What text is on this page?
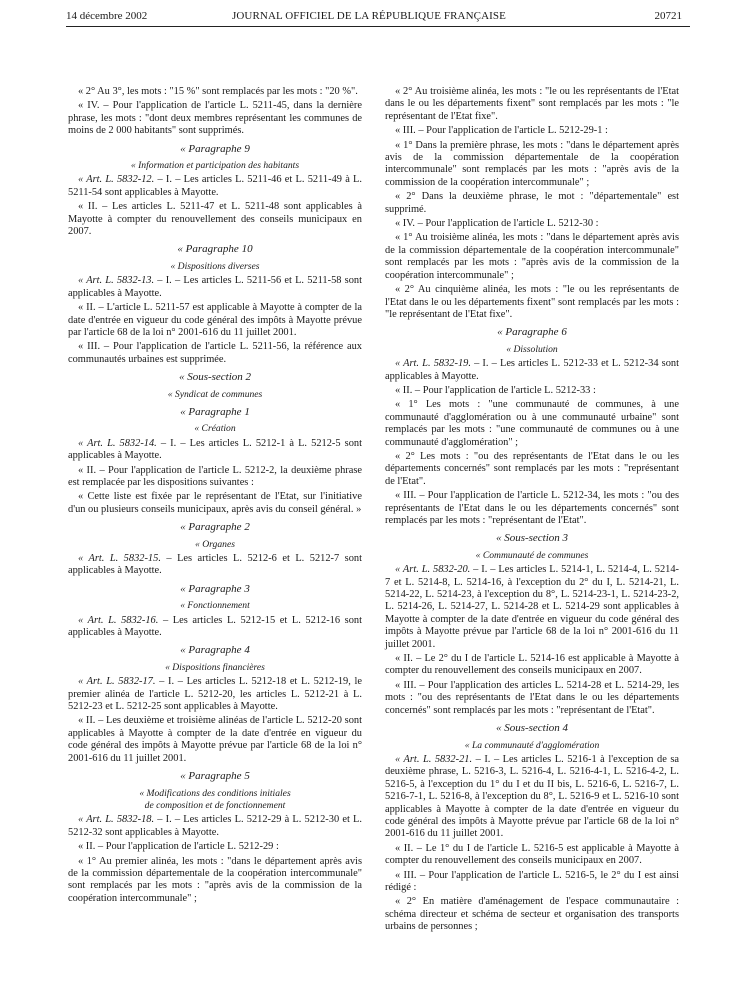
14 décembre 2002	JOURNAL OFFICIEL DE LA RÉPUBLIQUE FRANÇAISE	20721

« 2° Au 3°, les mots : "15 %" sont remplacés par les mots : "20 %".

« IV. – Pour l'application de l'article L. 5211-45, dans la dernière phrase, les mots : "dont deux membres représentant les communes de moins de 2 000 habitants" sont supprimés.

« Paragraphe 9

« Information et participation des habitants

« Art. L. 5832-12. – I. – Les articles L. 5211-46 et L. 5211-49 à L. 5211-54 sont applicables à Mayotte.

« II. – Les articles L. 5211-47 et L. 5211-48 sont applicables à Mayotte à compter du renouvellement des conseils municipaux en 2007.

« Paragraphe 10

« Dispositions diverses

« Art. L. 5832-13. – I. – Les articles L. 5211-56 et L. 5211-58 sont applicables à Mayotte.

« II. – L'article L. 5211-57 est applicable à Mayotte à compter de la date d'entrée en vigueur du code général des impôts à Mayotte prévue par l'article 68 de la loi n° 2001-616 du 11 juillet 2001.

« III. – Pour l'application de l'article L. 5211-56, la référence aux communautés urbaines est supprimée.

« Sous-section 2

« Syndicat de communes

« Paragraphe 1

« Création

« Art. L. 5832-14. – I. – Les articles L. 5212-1 à L. 5212-5 sont applicables à Mayotte.

« II. – Pour l'application de l'article L. 5212-2, la deuxième phrase est remplacée par les dispositions suivantes :

« Cette liste est fixée par le représentant de l'Etat, sur l'initiative d'un ou plusieurs conseils municipaux, après avis du conseil général. »

« Paragraphe 2

« Organes

« Art. L. 5832-15. – Les articles L. 5212-6 et L. 5212-7 sont applicables à Mayotte.

« Paragraphe 3

« Fonctionnement

« Art. L. 5832-16. – Les articles L. 5212-15 et L. 5212-16 sont applicables à Mayotte.

« Paragraphe 4

« Dispositions financières

« Art. L. 5832-17. – I. – Les articles L. 5212-18 et L. 5212-19, le premier alinéa de l'article L. 5212-20, les articles L. 5212-21 à L. 5212-23 et L. 5212-25 sont applicables à Mayotte.

« II. – Les deuxième et troisième alinéas de l'article L. 5212-20 sont applicables à Mayotte à compter de la date d'entrée en vigueur du code général des impôts à Mayotte prévue par l'article 68 de la loi n° 2001-616 du 11 juillet 2001.

« Paragraphe 5

« Modifications des conditions initiales

de composition et de fonctionnement

« Art. L. 5832-18. – I. – Les articles L. 5212-29 à L. 5212-30 et L. 5212-32 sont applicables à Mayotte.

« II. – Pour l'application de l'article L. 5212-29 :

« 1° Au premier alinéa, les mots : "dans le département après avis de la commission départementale de la coopération intercommunale" sont remplacés par les mots : "après avis de la commission de la coopération intercommunale" ;

« 2° Au troisième alinéa, les mots : "le ou les représentants de l'Etat dans le ou les départements fixent" sont remplacés par les mots : "le représentant de l'Etat fixe".

« III. – Pour l'application de l'article L. 5212-29-1 :

« 1° Dans la première phrase, les mots : "dans le département après avis de la commission départementale de la coopération intercommunale" sont remplacés par les mots : "après avis de la commission de la coopération intercommunale" ;

« 2° Dans la deuxième phrase, le mot : "départementale" est supprimé.

« IV. – Pour l'application de l'article L. 5212-30 :

« 1° Au troisième alinéa, les mots : "dans le département après avis de la commission départementale de la coopération intercommunale" sont remplacés par les mots : "après avis de la commission de la coopération intercommunale" ;

« 2° Au cinquième alinéa, les mots : "le ou les représentants de l'Etat dans le ou les départements fixent" sont remplacés par les mots : "le représentant de l'Etat fixe".

« Paragraphe 6

« Dissolution

« Art. L. 5832-19. – I. – Les articles L. 5212-33 et L. 5212-34 sont applicables à Mayotte.

« II. – Pour l'application de l'article L. 5212-33 :

« 1° Les mots : "une communauté de communes, à une communauté d'agglomération ou à une communauté urbaine" sont remplacés par les mots : "une communauté de communes ou à une communauté d'agglomération" ;

« 2° Les mots : "ou des représentants de l'Etat dans le ou les départements concernés" sont remplacés par les mots : "représentant de l'Etat".

« III. – Pour l'application de l'article L. 5212-34, les mots : "ou des représentants de l'Etat dans le ou les départements concernés" sont remplacés par les mots : "représentant de l'Etat".

« Sous-section 3

« Communauté de communes

« Art. L. 5832-20. – I. – Les articles L. 5214-1, L. 5214-4, L. 5214-7 et L. 5214-8, L. 5214-16, à l'exception du 2° du I, L. 5214-21, L. 5214-22, L. 5214-23, à l'exception du 8°, L. 5214-23-1, L. 5214-23-2, L. 5214-26, L. 5214-27, L. 5214-28 et L. 5214-29 sont applicables à Mayotte à compter de la date d'entrée en vigueur du code général des impôts à Mayotte prévue par l'article 68 de la loi n° 2001-616 du 11 juillet 2001.

« II. – Le 2° du I de l'article L. 5214-16 est applicable à Mayotte à compter du renouvellement des conseils municipaux en 2007.

« III. – Pour l'application des articles L. 5214-28 et L. 5214-29, les mots : "ou des représentants de l'Etat dans le ou les départements concernés" sont remplacés par les mots : "représentant de l'Etat".

« Sous-section 4

« La communauté d'agglomération

« Art. L. 5832-21. – I. – Les articles L. 5216-1 à l'exception de sa deuxième phrase, L. 5216-3, L. 5216-4, L. 5216-4-1, L. 5216-4-2, L. 5216-5, à l'exception du 1° du I et du II bis, L. 5216-6, L. 5216-7, L. 5216-7-1, L. 5216-8, à l'exception du 8°, L. 5216-9 et L. 5216-10 sont applicables à Mayotte à compter de la date d'entrée en vigueur du code général des impôts à Mayotte prévue par l'article 68 de la loi n° 2001-616 du 11 juillet 2001.

« II. – Le 1° du I de l'article L. 5216-5 est applicable à Mayotte à compter du renouvellement des conseils municipaux en 2007.

« III. – Pour l'application de l'article L. 5216-5, le 2° du I est ainsi rédigé :

« 2° En matière d'aménagement de l'espace communautaire : schéma directeur et schéma de secteur et organisation des transports urbains de personnes ;
